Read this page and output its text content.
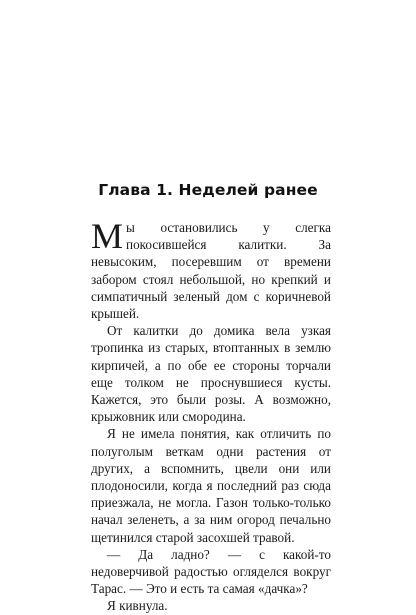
Глава 1. Неделей ранее

Мы остановились у слегка покосившейся калитки. За невысоким, посеревшим от времени забором стоял небольшой, но крепкий и симпатичный зеленый дом с коричневой крышей.

От калитки до домика вела узкая тропинка из старых, втоптанных в землю кирпичей, а по обе ее стороны торчали еще толком не проснувшиеся кусты. Кажется, это были розы. А возможно, крыжовник или смородина.

Я не имела понятия, как отличить по полуголым веткам одни растения от других, а вспомнить, цвели они или плодоносили, когда я последний раз сюда приезжала, не могла. Газон только-только начал зеленеть, а за ним огород печально щетинился старой засохшей травой.

— Да ладно? — с какой-то недоверчивой радостью огляделся вокруг Тарас. — Это и есть та самая «дачка»?

Я кивнула.
